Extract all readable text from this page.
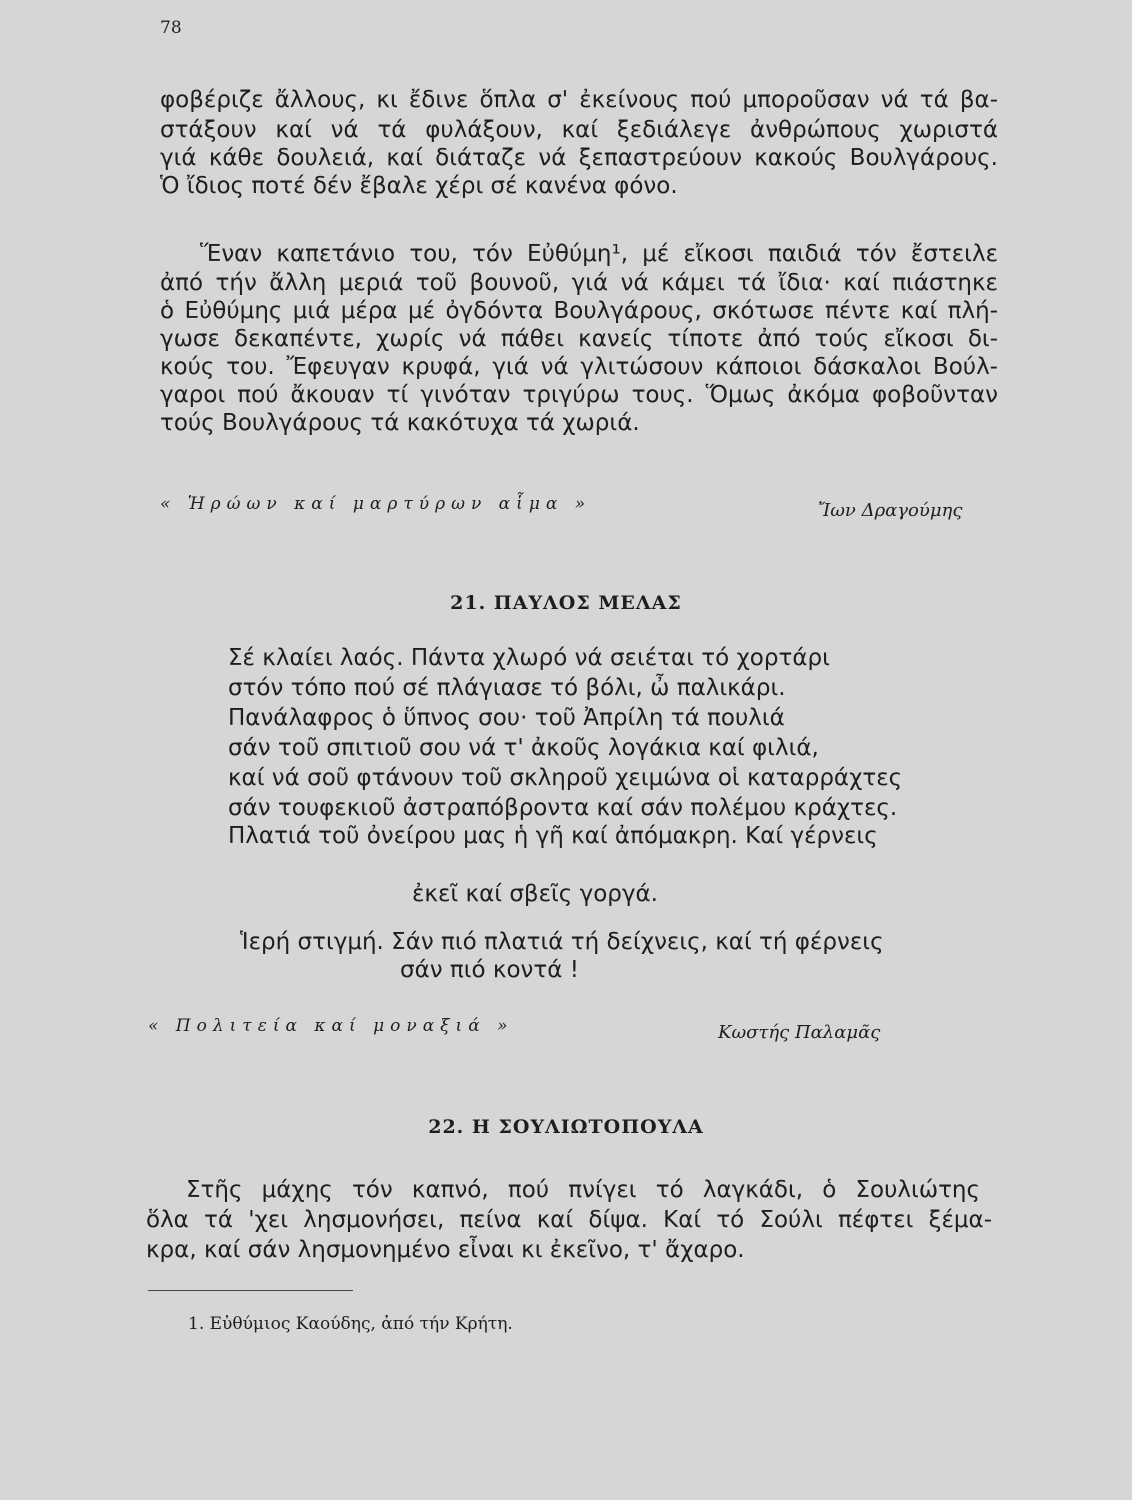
78
φοβέριζε ἄλλους, κι ἔδινε ὅπλα σ' ἐκείνους πού μποροῦσαν νά τά βα-
στάξουν καί νά τά φυλάξουν, καί ξεδιάλεγε ἀνθρώπους χωριστά
γιά κάθε δουλειά, καί διάταζε νά ξεπαστρεύουν κακούς Βουλγάρους.
Ὁ ἴδιος ποτέ δέν ἔβαλε χέρι σέ κανένα φόνο.
Ἕναν καπετάνιο του, τόν Εὐθύμη¹, μέ εἴκοσι παιδιά τόν ἔστειλε
ἀπό τήν ἄλλη μεριά τοῦ βουνοῦ, γιά νά κάμει τά ἴδια· καί πιάστηκε
ὁ Εὐθύμης μιά μέρα μέ ὀγδόντα Βουλγάρους, σκότωσε πέντε καί πλή-
γωσε δεκαπέντε, χωρίς νά πάθει κανείς τίποτε ἀπό τούς εἴκοσι δι-
κούς του. Ἔφευγαν κρυφά, γιά νά γλιτώσουν κάποιοι δάσκαλοι Βούλ-
γαροι πού ἄκουαν τί γινόταν τριγύρω τους. Ὅμως ἀκόμα φοβοῦνταν
τούς Βουλγάρους τά κακότυχα τά χωριά.
« Ἡρώων καί μαρτύρων αἷμα »	Ἴων Δραγούμης
21. ΠΑΥΛΟΣ ΜΕΛΑΣ
Σέ κλαίει λαός. Πάντα χλωρό νά σειέται τό χορτάρι
στόν τόπο πού σέ πλάγιασε τό βόλι, ὦ παλικάρι.
Πανάλαφρος ὁ ὕπνος σου· τοῦ Ἀπρίλη τά πουλιά
σάν τοῦ σπιτιοῦ σου νά τ' ἀκοῦς λογάκια καί φιλιά,
καί νά σοῦ φτάνουν τοῦ σκληροῦ χειμώνα οἱ καταρράχτες
σάν τουφεκιοῦ ἀστραπόβροντα καί σάν πολέμου κράχτες.
Πλατιά τοῦ ὀνείρου μας ἡ γῆ καί ἀπόμακρη. Καί γέρνεις
ἐκεῖ καί σβεῖς γοργά.
Ἱερή στιγμή. Σάν πιό πλατιά τή δείχνεις, καί τή φέρνεις
σάν πιό κοντά !
« Πολιτεία καί μοναξιά »	Κωστής Παλαμᾶς
22. Η ΣΟΥΛΙΩΤΟΠΟΥΛΑ
Στῆς μάχης τόν καπνό, πού πνίγει τό λαγκάδι, ὁ Σουλιώτης
ὅλα τά 'χει λησμονήσει, πείνα καί δίψα. Καί τό Σούλι πέφτει ξέμα-
κρα, καί σάν λησμονημένο εἶναι κι ἐκεῖνο, τ' ἄχαρο.
1. Εὐθύμιος Καούδης, ἀπό τήν Κρήτη.
